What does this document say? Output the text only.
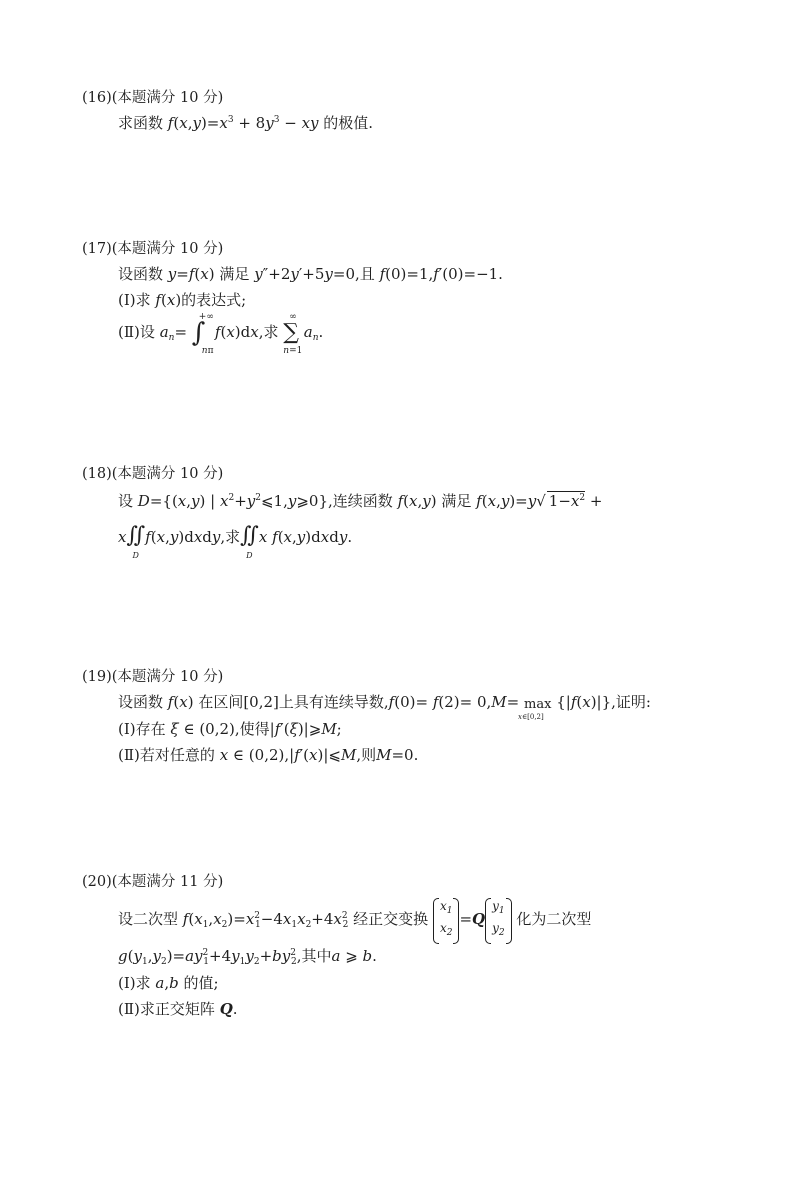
(16)(本题满分 10 分)
求函数 $f(x,y)=x^3 + 8y^3$ − xy 的极值.
(17)(本题满分 10 分)
设函数 y=f(x) 满足 y″+2y′+5y=0,且 f(0)=1,f′(0)=−1.
(Ⅰ)求 f(x)的表达式;
(Ⅱ)设 $a_n=$ ∫
+∞
nπ
f(x)dx,求 ∑
∞
n=1
$a_n$.
(18)(本题满分 10 分)
设 D={(x,y) | $x^2+y^2⩽1,y⩾0$},连续函数 f(x,y) 满足 f(x,y)=y√ $1-x^2$ +
x∬
D
f(x,y)dxdy,求∬
D
x f(x,y)dxdy.
(19)(本题满分 10 分)
设函数 f(x) 在区间[0,2]上具有连续导数,f(0)= f(2)= 0,M= max
x∈[0,2]
{|f(x)|},证明:
(Ⅰ)存在 ξ ∈ (0,2),使得|f′(ξ)|⩾M;
(Ⅱ)若对任意的 x ∈ (0,2),|f′(x)|⩽M,则M=0.
(20)(本题满分 11 分)
设二次型 $f(x_1,x_2)=x^2_1-4x_1x_2+4x^2_2$ 经正交变换
$x_1$
$x_2$
=Q
$y_1$
$y_2$
化为二次型
$g(y_1,y_2)=ay^2_1+4y_1y_2+by^2_2$,其中a ⩾ b.
(Ⅰ)求 a,b 的值;
(Ⅱ)求正交矩阵 Q.
